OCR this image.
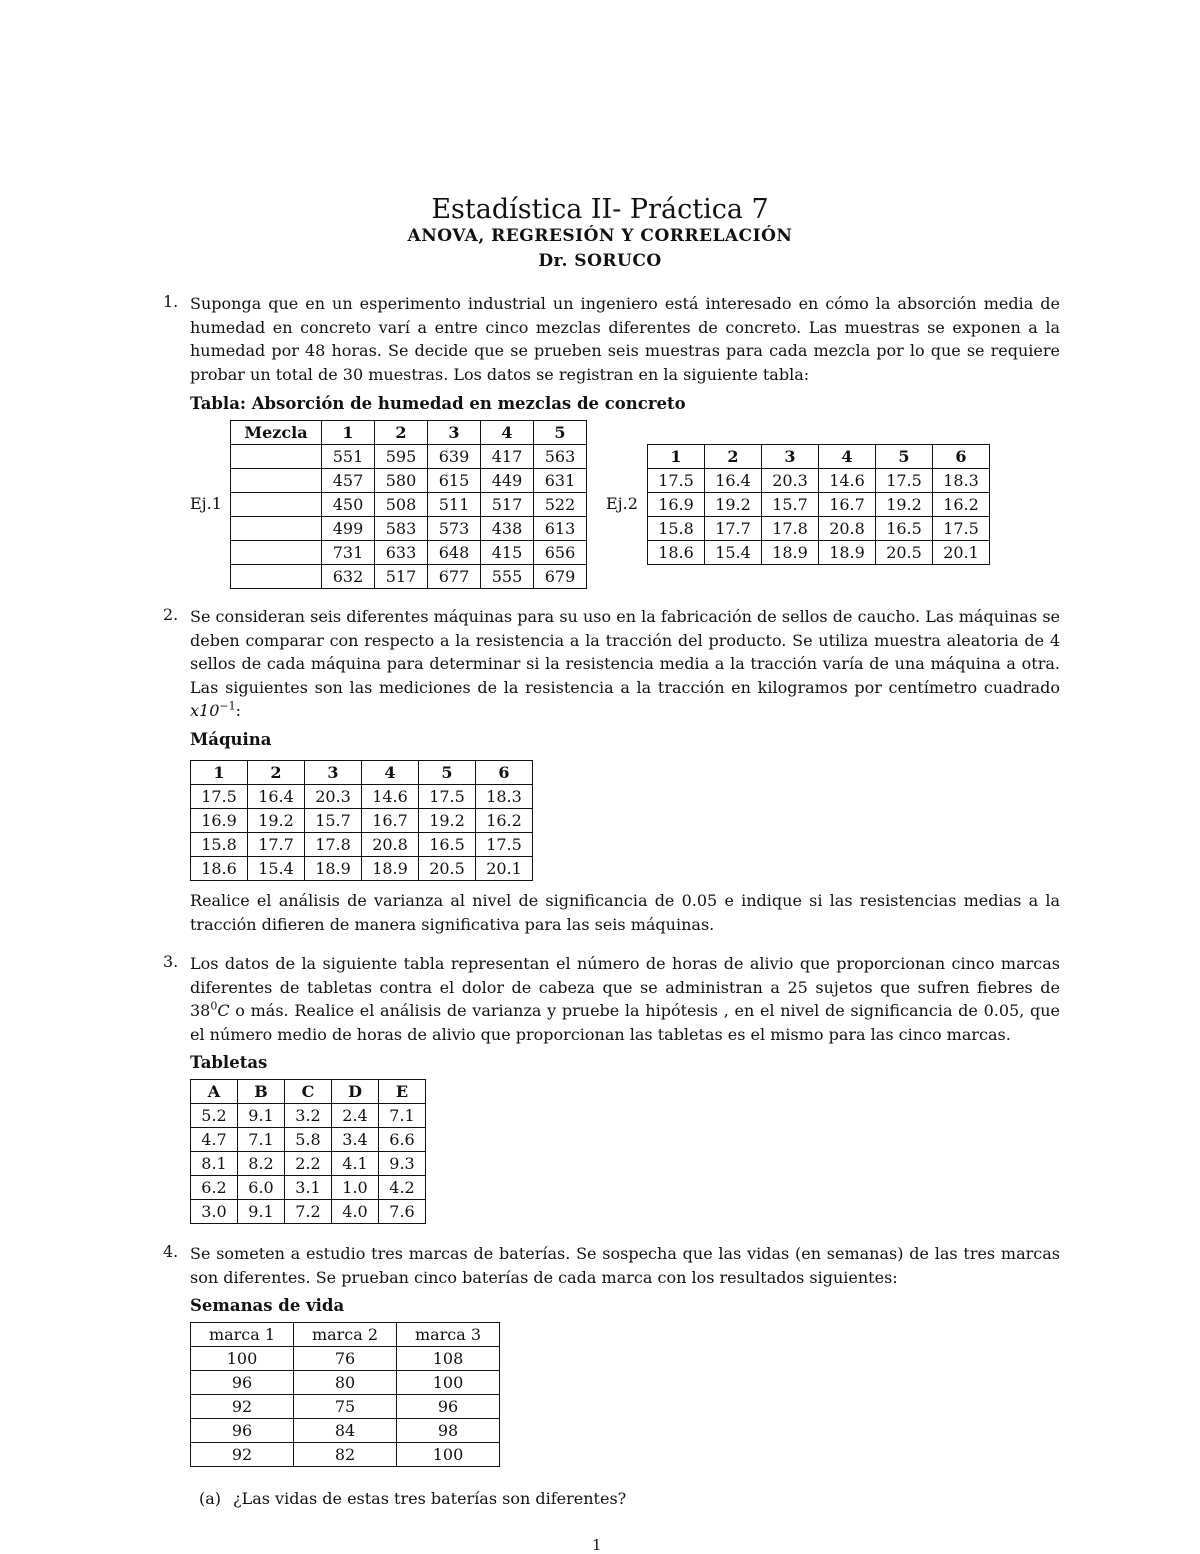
Estadística II- Práctica 7
ANOVA, REGRESIÓN Y CORRELACIÓN
Dr. SORUCO
1. Suponga que en un esperimento industrial un ingeniero está interesado en cómo la absorción media de humedad en concreto varí a entre cinco mezclas diferentes de concreto. Las muestras se exponen a la humedad por 48 horas. Se decide que se prueben seis muestras para cada mezcla por lo que se requiere probar un total de 30 muestras. Los datos se registran en la siguiente tabla:

Tabla: Absorción de humedad en mezclas de concreto
Ej.1
Mezcla	1	2	3	4	5
	551	595	639	417	563
	457	580	615	449	631
	450	508	511	517	522
	499	583	573	438	613
	731	633	648	415	656
	632	517	677	555	679
Ej.2
1	2	3	4	5	6
17.5	16.4	20.3	14.6	17.5	18.3
16.9	19.2	15.7	16.7	19.2	16.2
15.8	17.7	17.8	20.8	16.5	17.5
18.6	15.4	18.9	18.9	20.5	20.1
2. Se consideran seis diferentes máquinas para su uso en la fabricación de sellos de caucho. Las máquinas se deben comparar con respecto a la resistencia a la tracción del producto. Se utiliza muestra aleatoria de 4 sellos de cada máquina para determinar si la resistencia media a la tracción varía de una máquina a otra. Las siguientes son las mediciones de la resistencia a la tracción en kilogramos por centímetro cuadrado $x10^{-1}$:

Máquina
1	2	3	4	5	6
17.5	16.4	20.3	14.6	17.5	18.3
16.9	19.2	15.7	16.7	19.2	16.2
15.8	17.7	17.8	20.8	16.5	17.5
18.6	15.4	18.9	18.9	20.5	20.1

Realice el análisis de varianza al nivel de significancia de 0.05 e indique si las resistencias medias a la tracción difieren de manera significativa para las seis máquinas.

3. Los datos de la siguiente tabla representan el número de horas de alivio que proporcionan cinco marcas diferentes de tabletas contra el dolor de cabeza que se administran a 25 sujetos que sufren fiebres de $38^0C$ o más. Realice el análisis de varianza y pruebe la hipótesis , en el nivel de significancia de 0.05, que el número medio de horas de alivio que proporcionan las tabletas es el mismo para las cinco marcas.

Tabletas
A	B	C	D	E
5.2	9.1	3.2	2.4	7.1
4.7	7.1	5.8	3.4	6.6
8.1	8.2	2.2	4.1	9.3
6.2	6.0	3.1	1.0	4.2
3.0	9.1	7.2	4.0	7.6
4. Se someten a estudio tres marcas de baterías. Se sospecha que las vidas (en semanas) de las tres marcas son diferentes. Se prueban cinco baterías de cada marca con los resultados siguientes:

Semanas de vida
marca 1	marca 2	marca 3
100	76	108
96	80	100
92	75	96
96	84	98
92	82	100
(a) ¿Las vidas de estas tres baterías son diferentes?
1
